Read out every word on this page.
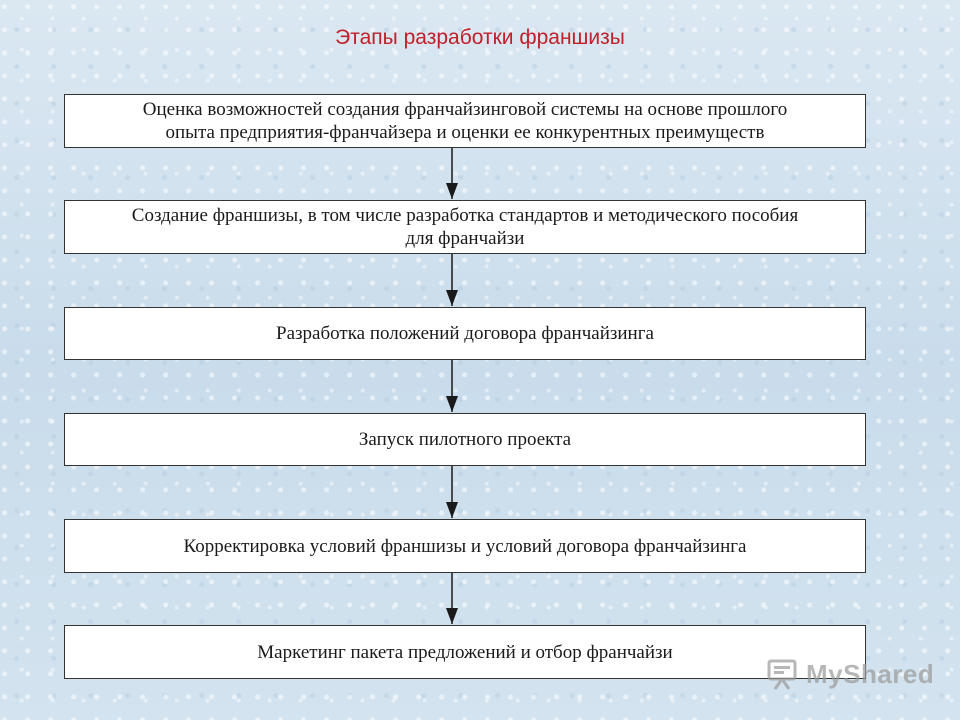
Этапы разработки франшизы
Оценка возможностей создания франчайзинговой системы на основе прошлого
опыта предприятия-франчайзера и оценки ее конкурентных преимуществ
Создание франшизы, в том числе разработка стандартов и методического пособия
для франчайзи
Разработка положений договора франчайзинга
Запуск пилотного проекта
Корректировка условий франшизы и условий договора франчайзинга
Маркетинг пакета предложений и отбор франчайзи
MyShared
